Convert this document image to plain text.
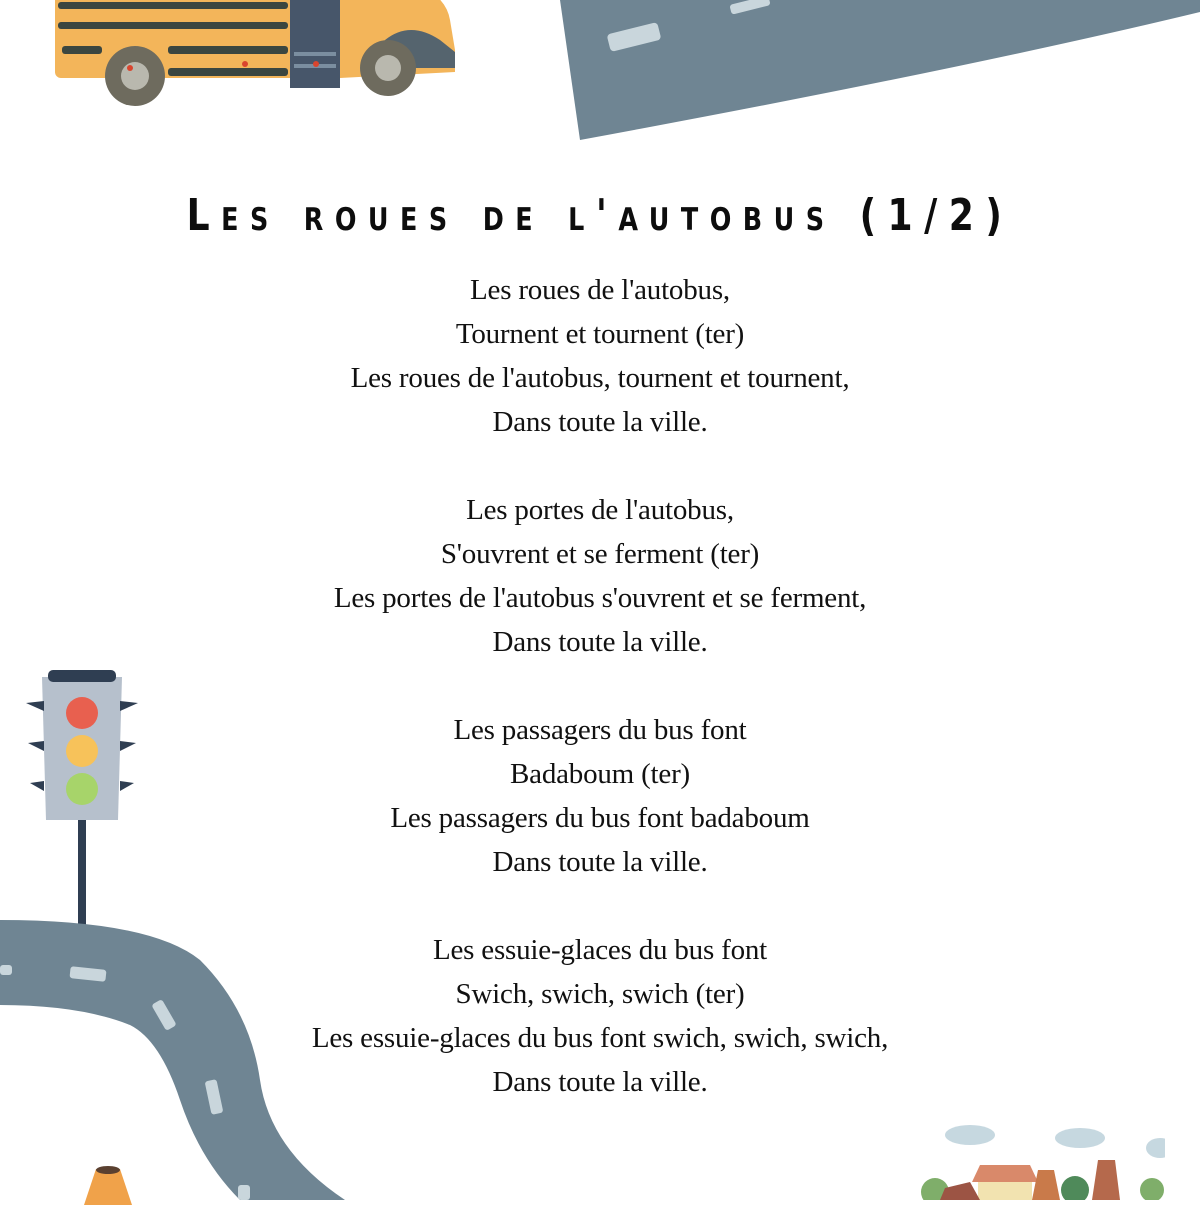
Les roues de l'autobus (1/2)
Les roues de l'autobus,
Tournent et tournent (ter)
Les roues de l'autobus, tournent et tournent,
Dans toute la ville.
Les portes de l'autobus,
S'ouvrent et se ferment (ter)
Les portes de l'autobus s'ouvrent et se ferment,
Dans toute la ville.
Les passagers du bus font
Badaboum (ter)
Les passagers du bus font badaboum
Dans toute la ville.
Les essuie-glaces du bus font
Swich, swich, swich (ter)
Les essuie-glaces du bus font swich, swich, swich,
Dans toute la ville.
